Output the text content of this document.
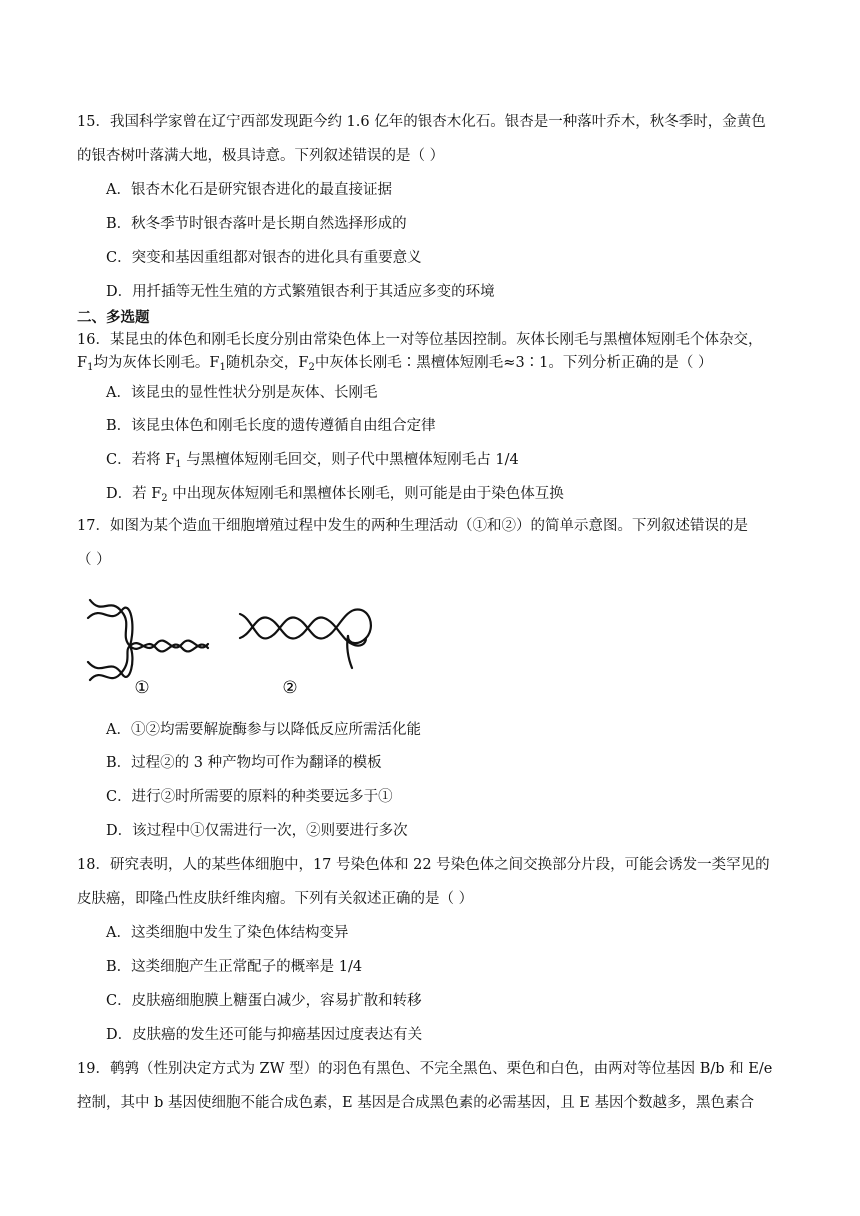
15．我国科学家曾在辽宁西部发现距今约 1.6 亿年的银杏木化石。银杏是一种落叶乔木，秋冬季时，金黄色
的银杏树叶落满大地，极具诗意。下列叙述错误的是（ ）
A．银杏木化石是研究银杏进化的最直接证据
B．秋冬季节时银杏落叶是长期自然选择形成的
C．突变和基因重组都对银杏的进化具有重要意义
D．用扦插等无性生殖的方式繁殖银杏利于其适应多变的环境
二、多选题
16．某昆虫的体色和刚毛长度分别由常染色体上一对等位基因控制。灰体长刚毛与黑檀体短刚毛个体杂交，
$F_1$均为灰体长刚毛。$F_1$随机杂交，$F_2$中灰体长刚毛∶黑檀体短刚毛≈3∶1。下列分析正确的是（ ）
A．该昆虫的显性性状分别是灰体、长刚毛
B．该昆虫体色和刚毛长度的遗传遵循自由组合定律
C．若将 $F_1$ 与黑檀体短刚毛回交，则子代中黑檀体短刚毛占 1/4
D．若 $F_2$ 中出现灰体短刚毛和黑檀体长刚毛，则可能是由于染色体互换
17．如图为某个造血干细胞增殖过程中发生的两种生理活动（①和②）的简单示意图。下列叙述错误的是
（ ）
①	②
A．①②均需要解旋酶参与以降低反应所需活化能
B．过程②的 3 种产物均可作为翻译的模板
C．进行②时所需要的原料的种类要远多于①
D．该过程中①仅需进行一次，②则要进行多次
18．研究表明，人的某些体细胞中，17 号染色体和 22 号染色体之间交换部分片段，可能会诱发一类罕见的
皮肤癌，即隆凸性皮肤纤维肉瘤。下列有关叙述正确的是（ ）
A．这类细胞中发生了染色体结构变异
B．这类细胞产生正常配子的概率是 1/4
C．皮肤癌细胞膜上糖蛋白减少，容易扩散和转移
D．皮肤癌的发生还可能与抑癌基因过度表达有关
19．鹌鹑（性别决定方式为 ZW 型）的羽色有黑色、不完全黑色、栗色和白色，由两对等位基因 B/b 和 E/e
控制，其中 b 基因使细胞不能合成色素，E 基因是合成黑色素的必需基因，且 E 基因个数越多，黑色素合
